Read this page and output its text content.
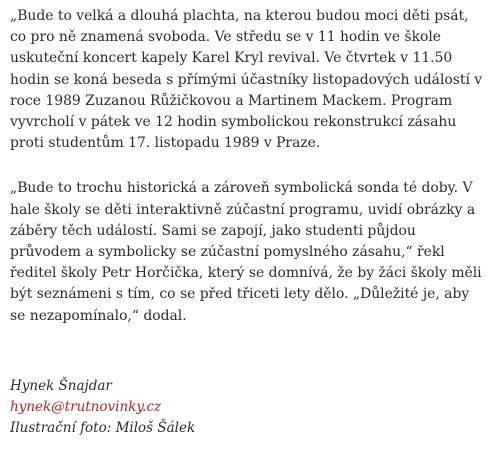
„Bude to velká a dlouhá plachta, na kterou budou moci děti psát, co pro ně znamená svoboda. Ve středu se v 11 hodin ve škole uskuteční koncert kapely Karel Kryl revival. Ve čtvrtek v 11.50 hodin se koná beseda s přímými účastníky listopadových událostí v roce 1989 Zuzanou Růžičkovou a Martinem Mackem. Program vyvrcholí v pátek ve 12 hodin symbolickou rekonstrukcí zásahu proti studentům 17. listopadu 1989 v Praze.

„Bude to trochu historická a zároveň symbolická sonda té doby. V hale školy se děti interaktivně zúčastní programu, uvidí obrázky a záběry těch událostí. Sami se zapojí, jako studenti půjdou průvodem a symbolicky se zúčastní pomyslného zásahu,“ řekl ředitel školy Petr Horčička, který se domnívá, že by žáci školy měli být seznámeni s tím, co se před třiceti lety dělo. „Důležité je, aby se nezapomínalo,“ dodal.

Hynek Šnajdar
hynek@trutnovinky.cz
Ilustrační foto: Miloš Šálek
